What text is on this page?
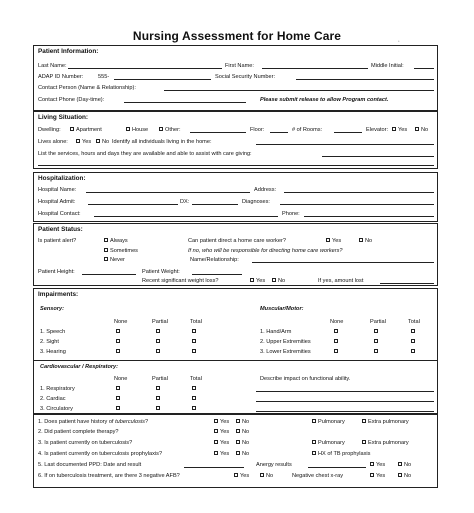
Nursing Assessment for Home Care	*
Patient Information:
Last Name:	First Name:	Middle Initial:
ADAP ID Number:	555-	Social Security Number:
Contact Person (Name & Relationship):
Contact Phone (Day-time):	Please submit release to allow Program contact.
Living Situation:
Dwelling:	Apartment	House	Other:	Floor:	# of Rooms:	Elevator:	Yes	No
Lives alone:	Yes	No Identify all individuals living in the home:
List the services, hours and days they are available and able to assist with care giving:
Hospitalization:
Hospital Name:	Address:
Hospital Admit:	DX:	Diagnoses:
Hospital Contact:	Phone:
Patient Status:
Is patient alert?	Always	Can patient direct a home care worker?	Yes	No
Sometimes	If no, who will be responsible for directing home care workers?
Never	Name/Relationship:
Patient Height:	Patient Weight:
Recent significant weight loss?	Yes	No	If yes, amount lost
Impairments:
Sensory:	Muscular/Motor:
None	Partial	Total	None	Partial	Total
1. Speech	1. Hand/Arm
2. Sight	2. Upper Extremities
3. Hearing	3. Lower Extremities
Cardiovascular / Respiratory:
None	Partial	Total	Describe impact on functional ability.
1. Respiratory
2. Cardiac
3. Circulatory
1. Does patient have history of tuberculosis?	Yes	No	Pulmonary	Extra pulmonary
2. Did patient complete therapy?	Yes	No
3. Is patient currently on tuberculosis?	Yes	No	Pulmonary	Extra pulmonary
4. Is patient currently on tuberculosis prophylaxis?	Yes	No	HX of TB prophylaxis
5. Last documented PPD: Date and result	Anergy results	Yes	No
6. If on tuberculosis treatment, are there 3 negative AFB?	Yes	No	Negative chest x-ray	Yes	No
